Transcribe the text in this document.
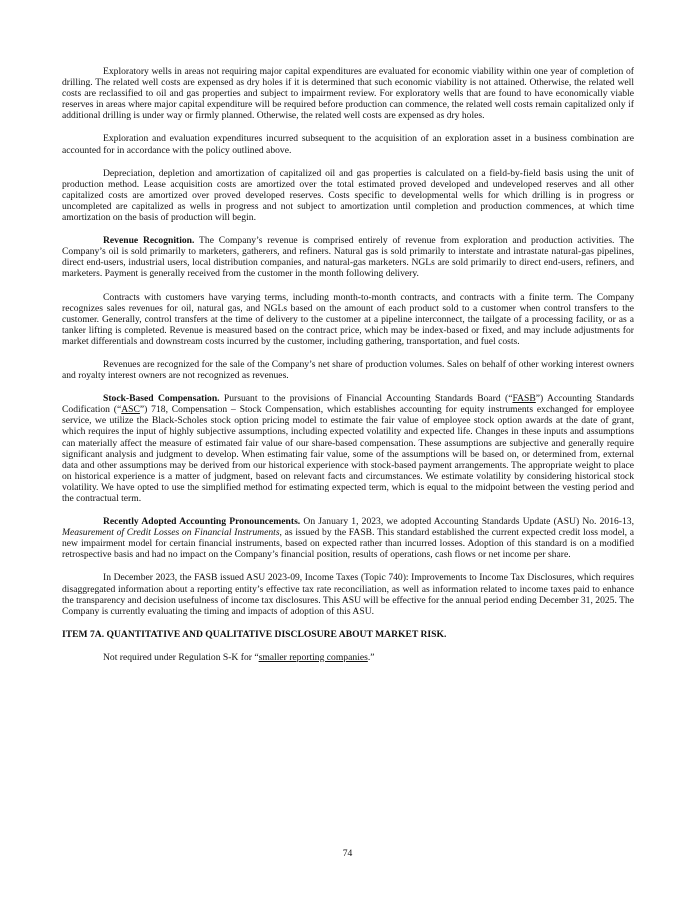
Exploratory wells in areas not requiring major capital expenditures are evaluated for economic viability within one year of completion of drilling. The related well costs are expensed as dry holes if it is determined that such economic viability is not attained. Otherwise, the related well costs are reclassified to oil and gas properties and subject to impairment review. For exploratory wells that are found to have economically viable reserves in areas where major capital expenditure will be required before production can commence, the related well costs remain capitalized only if additional drilling is under way or firmly planned. Otherwise, the related well costs are expensed as dry holes.

Exploration and evaluation expenditures incurred subsequent to the acquisition of an exploration asset in a business combination are accounted for in accordance with the policy outlined above.

Depreciation, depletion and amortization of capitalized oil and gas properties is calculated on a field-by-field basis using the unit of production method. Lease acquisition costs are amortized over the total estimated proved developed and undeveloped reserves and all other capitalized costs are amortized over proved developed reserves. Costs specific to developmental wells for which drilling is in progress or uncompleted are capitalized as wells in progress and not subject to amortization until completion and production commences, at which time amortization on the basis of production will begin.

Revenue Recognition. The Company’s revenue is comprised entirely of revenue from exploration and production activities. The Company’s oil is sold primarily to marketers, gatherers, and refiners. Natural gas is sold primarily to interstate and intrastate natural-gas pipelines, direct end-users, industrial users, local distribution companies, and natural-gas marketers. NGLs are sold primarily to direct end-users, refiners, and marketers. Payment is generally received from the customer in the month following delivery.

Contracts with customers have varying terms, including month-to-month contracts, and contracts with a finite term. The Company recognizes sales revenues for oil, natural gas, and NGLs based on the amount of each product sold to a customer when control transfers to the customer. Generally, control transfers at the time of delivery to the customer at a pipeline interconnect, the tailgate of a processing facility, or as a tanker lifting is completed. Revenue is measured based on the contract price, which may be index-based or fixed, and may include adjustments for market differentials and downstream costs incurred by the customer, including gathering, transportation, and fuel costs.

Revenues are recognized for the sale of the Company’s net share of production volumes. Sales on behalf of other working interest owners and royalty interest owners are not recognized as revenues.

Stock-Based Compensation. Pursuant to the provisions of Financial Accounting Standards Board (“FASB”) Accounting Standards Codification (“ASC”) 718, Compensation – Stock Compensation, which establishes accounting for equity instruments exchanged for employee service, we utilize the Black-Scholes stock option pricing model to estimate the fair value of employee stock option awards at the date of grant, which requires the input of highly subjective assumptions, including expected volatility and expected life. Changes in these inputs and assumptions can materially affect the measure of estimated fair value of our share-based compensation. These assumptions are subjective and generally require significant analysis and judgment to develop. When estimating fair value, some of the assumptions will be based on, or determined from, external data and other assumptions may be derived from our historical experience with stock-based payment arrangements. The appropriate weight to place on historical experience is a matter of judgment, based on relevant facts and circumstances. We estimate volatility by considering historical stock volatility. We have opted to use the simplified method for estimating expected term, which is equal to the midpoint between the vesting period and the contractual term.

Recently Adopted Accounting Pronouncements. On January 1, 2023, we adopted Accounting Standards Update (ASU) No. 2016-13, Measurement of Credit Losses on Financial Instruments, as issued by the FASB. This standard established the current expected credit loss model, a new impairment model for certain financial instruments, based on expected rather than incurred losses. Adoption of this standard is on a modified retrospective basis and had no impact on the Company’s financial position, results of operations, cash flows or net income per share.

In December 2023, the FASB issued ASU 2023-09, Income Taxes (Topic 740): Improvements to Income Tax Disclosures, which requires disaggregated information about a reporting entity’s effective tax rate reconciliation, as well as information related to income taxes paid to enhance the transparency and decision usefulness of income tax disclosures. This ASU will be effective for the annual period ending December 31, 2025. The Company is currently evaluating the timing and impacts of adoption of this ASU.

ITEM 7A. QUANTITATIVE AND QUALITATIVE DISCLOSURE ABOUT MARKET RISK.

Not required under Regulation S-K for “smaller reporting companies.”

74
